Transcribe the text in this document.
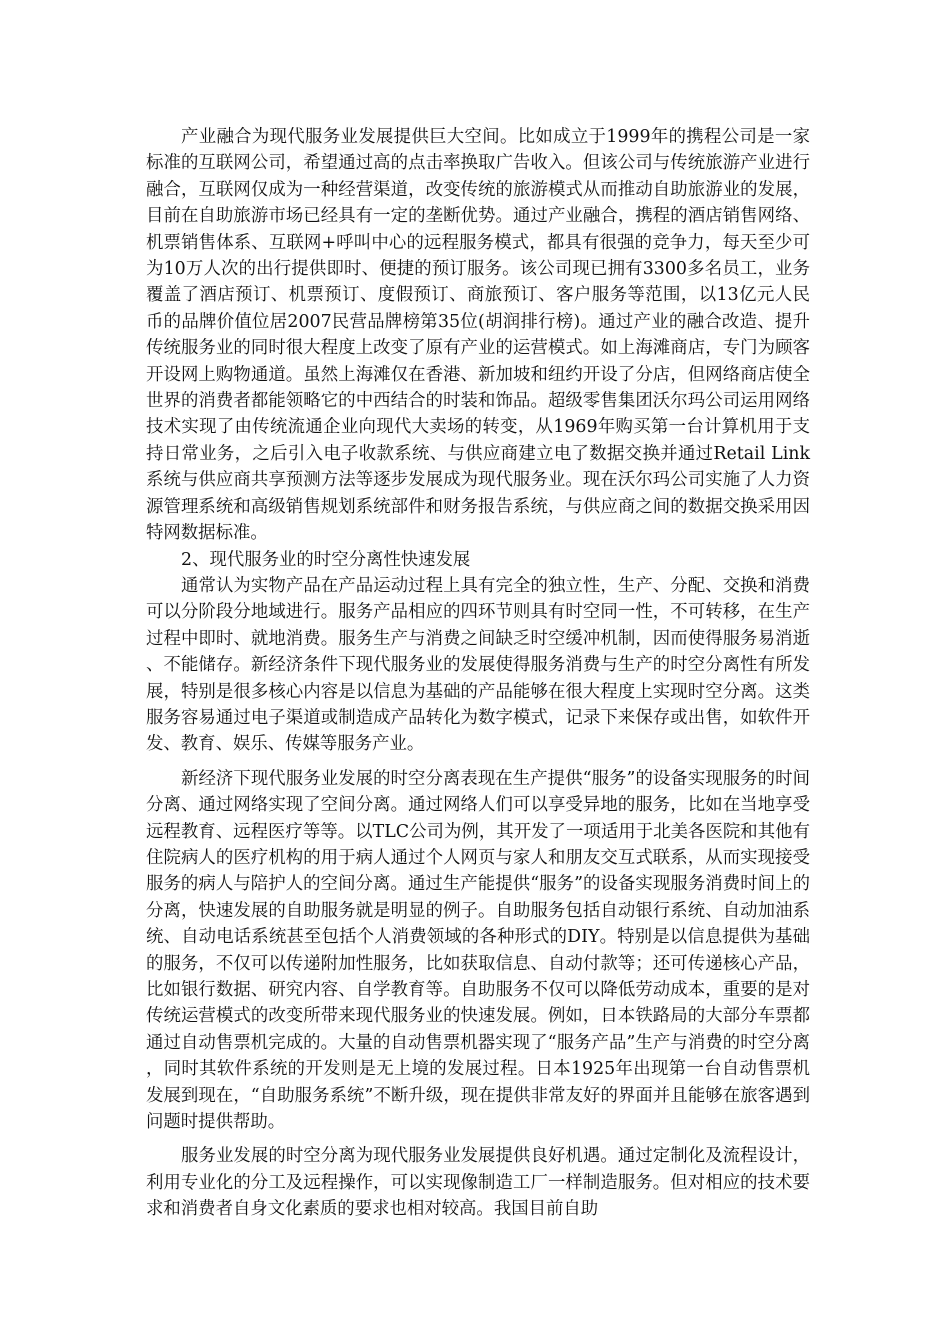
产业融合为现代服务业发展提供巨大空间。比如成立于1999年的携程公司是一家标准的互联网公司，希望通过高的点击率换取广告收入。但该公司与传统旅游产业进行融合，互联网仅成为一种经营渠道，改变传统的旅游模式从而推动自助旅游业的发展，目前在自助旅游市场已经具有一定的垄断优势。通过产业融合，携程的酒店销售网络、机票销售体系、互联网+呼叫中心的远程服务模式，都具有很强的竞争力，每天至少可为10万人次的出行提供即时、便捷的预订服务。该公司现已拥有3300多名员工，业务覆盖了酒店预订、机票预订、度假预订、商旅预订、客户服务等范围，以13亿元人民币的品牌价值位居2007民营品牌榜第35位(胡润排行榜)。通过产业的融合改造、提升传统服务业的同时很大程度上改变了原有产业的运营模式。如上海滩商店，专门为顾客开设网上购物通道。虽然上海滩仅在香港、新加坡和纽约开设了分店，但网络商店使全世界的消费者都能领略它的中西结合的时装和饰品。超级零售集团沃尔玛公司运用网络技术实现了由传统流通企业向现代大卖场的转变，从1969年购买第一台计算机用于支持日常业务，之后引入电子收款系统、与供应商建立电了数据交换并通过Retail Link系统与供应商共享预测方法等逐步发展成为现代服务业。现在沃尔玛公司实施了人力资源管理系统和高级销售规划系统部件和财务报告系统，与供应商之间的数据交换采用因特网数据标准。

2、现代服务业的时空分离性快速发展

通常认为实物产品在产品运动过程上具有完全的独立性，生产、分配、交换和消费可以分阶段分地域进行。服务产品相应的四环节则具有时空同一性，不可转移，在生产过程中即时、就地消费。服务生产与消费之间缺乏时空缓冲机制，因而使得服务易消逝、不能储存。新经济条件下现代服务业的发展使得服务消费与生产的时空分离性有所发展，特别是很多核心内容是以信息为基础的产品能够在很大程度上实现时空分离。这类服务容易通过电子渠道或制造成产品转化为数字模式，记录下来保存或出售，如软件开发、教育、娱乐、传媒等服务产业。

新经济下现代服务业发展的时空分离表现在生产提供“服务”的设备实现服务的时间分离、通过网络实现了空间分离。通过网络人们可以享受异地的服务，比如在当地享受远程教育、远程医疗等等。以TLC公司为例，其开发了一项适用于北美各医院和其他有住院病人的医疗机构的用于病人通过个人网页与家人和朋友交互式联系，从而实现接受服务的病人与陪护人的空间分离。通过生产能提供“服务”的设备实现服务消费时间上的分离，快速发展的自助服务就是明显的例子。自助服务包括自动银行系统、自动加油系统、自动电话系统甚至包括个人消费领域的各种形式的DIY。特别是以信息提供为基础的服务，不仅可以传递附加性服务，比如获取信息、自动付款等；还可传递核心产品，比如银行数据、研究内容、自学教育等。自助服务不仅可以降低劳动成本，重要的是对传统运营模式的改变所带来现代服务业的快速发展。例如，日本铁路局的大部分车票都通过自动售票机完成的。大量的自动售票机器实现了“服务产品”生产与消费的时空分离，同时其软件系统的开发则是无上境的发展过程。日本1925年出现第一台自动售票机发展到现在，“自助服务系统”不断升级，现在提供非常友好的界面并且能够在旅客遇到问题时提供帮助。

服务业发展的时空分离为现代服务业发展提供良好机遇。通过定制化及流程设计，利用专业化的分工及远程操作，可以实现像制造工厂一样制造服务。但对相应的技术要求和消费者自身文化素质的要求也相对较高。我国目前自助
